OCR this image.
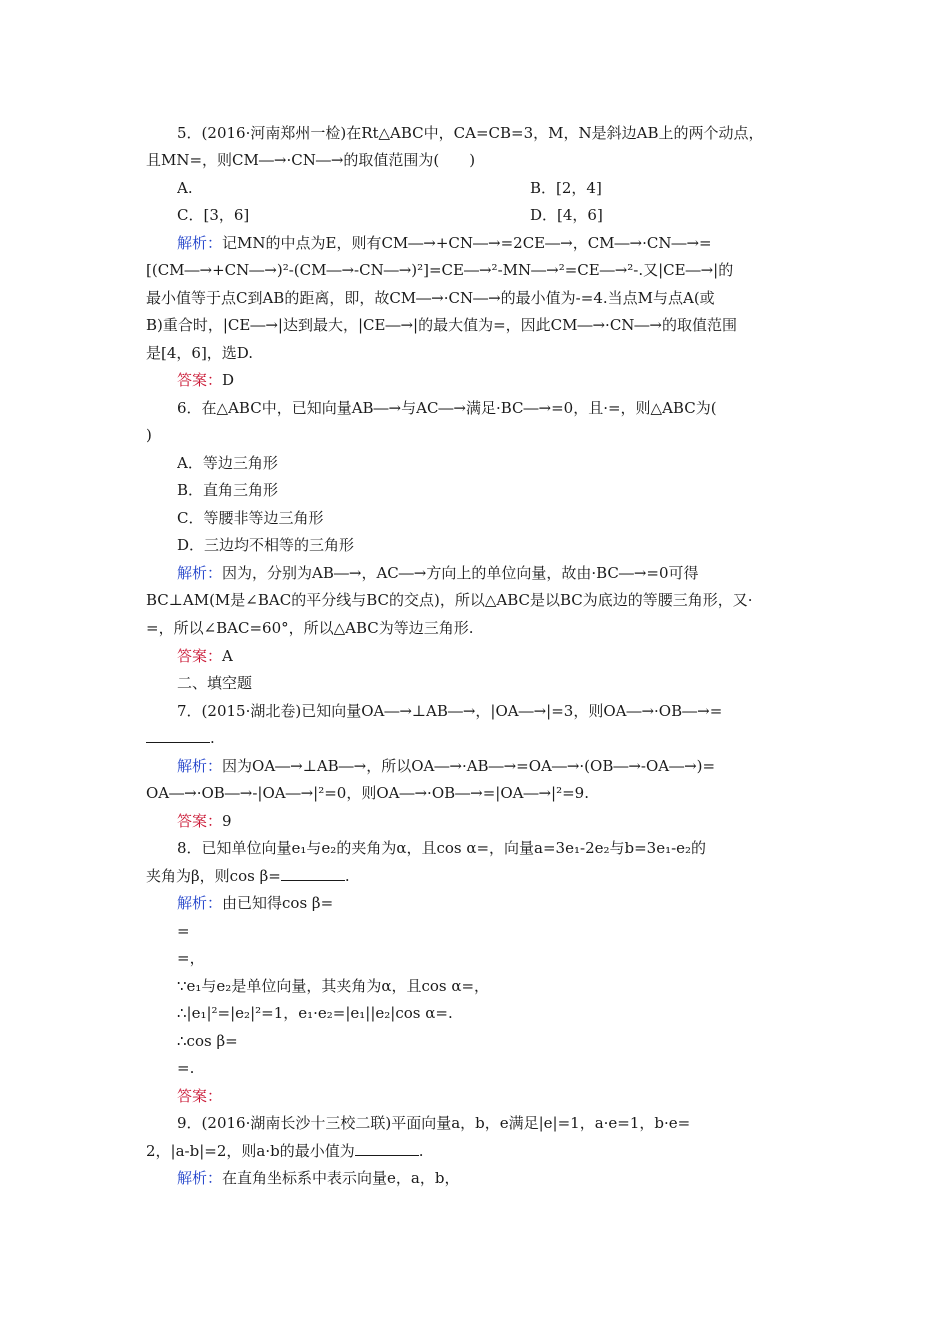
5．(2016·河南郑州一检)在Rt△ABC中，CA=CB=3，M，N是斜边AB上的两个动点，
且MN=，则CM―→·CN―→的取值范围为(　　)
A.	B．[2，4]
C．[3，6]	D．[4，6]
解析：记MN的中点为E，则有CM―→+CN―→=2CE―→，CM―→·CN―→=
[(CM―→+CN―→)²-(CM―→-CN―→)²]=CE―→²-MN―→²=CE―→²-.又|CE―→|的
最小值等于点C到AB的距离，即，故CM―→·CN―→的最小值为-=4.当点M与点A(或
B)重合时，|CE―→|达到最大，|CE―→|的最大值为=，因此CM―→·CN―→的取值范围
是[4，6]，选D.
答案：D
6．在△ABC中，已知向量AB―→与AC―→满足·BC―→=0，且·=，则△ABC为(
)
A．等边三角形
B．直角三角形
C．等腰非等边三角形
D．三边均不相等的三角形
解析：因为，分别为AB―→，AC―→方向上的单位向量，故由·BC―→=0可得
BC⊥AM(M是∠BAC的平分线与BC的交点)，所以△ABC是以BC为底边的等腰三角形，又·
=，所以∠BAC=60°，所以△ABC为等边三角形.
答案：A
二、填空题
7．(2015·湖北卷)已知向量OA―→⊥AB―→，|OA―→|=3，则OA―→·OB―→=
.
解析：因为OA―→⊥AB―→，所以OA―→·AB―→=OA―→·(OB―→-OA―→)=
OA―→·OB―→-|OA―→|²=0，则OA―→·OB―→=|OA―→|²=9.
答案：9
8．已知单位向量e₁与e₂的夹角为α，且cos α=，向量a=3e₁-2e₂与b=3e₁-e₂的
夹角为β，则cos β=	.
解析：由已知得cos β=
=
=，
∵e₁与e₂是单位向量，其夹角为α，且cos α=，
∴|e₁|²=|e₂|²=1，e₁·e₂=|e₁||e₂|cos α=.
∴cos β=
=.
答案：
9．(2016·湖南长沙十三校二联)平面向量a，b，e满足|e|=1，a·e=1，b·e=
2，|a-b|=2，则a·b的最小值为	.
解析：在直角坐标系中表示向量e，a，b，
